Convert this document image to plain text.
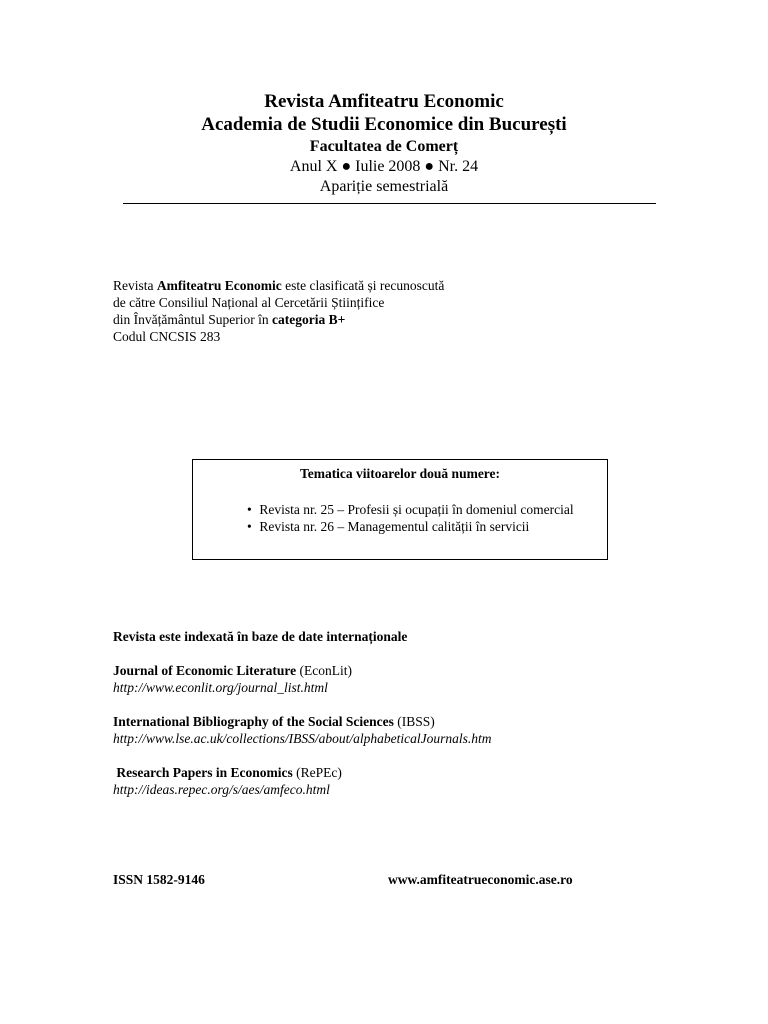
Revista Amfiteatru Economic
Academia de Studii Economice din București
Facultatea de Comerț
Anul X ● Iulie 2008 ● Nr. 24
Apariție semestrială
Revista Amfiteatru Economic este clasificată și recunoscută
de către Consiliul Național al Cercetării Științifice
din Învățământul Superior în categoria B+
Codul CNCSIS 283
Tematica viitoarelor două numere:
• Revista nr. 25 – Profesii și ocupații în domeniul comercial
• Revista nr. 26 – Managementul calității în servicii
Revista este indexată în baze de date internaționale
Journal of Economic Literature (EconLit)
http://www.econlit.org/journal_list.html
International Bibliography of the Social Sciences (IBSS)
http://www.lse.ac.uk/collections/IBSS/about/alphabeticalJournals.htm
Research Papers in Economics (RePEc)
http://ideas.repec.org/s/aes/amfeco.html
ISSN 1582-9146	www.amfiteatrueconomic.ase.ro
